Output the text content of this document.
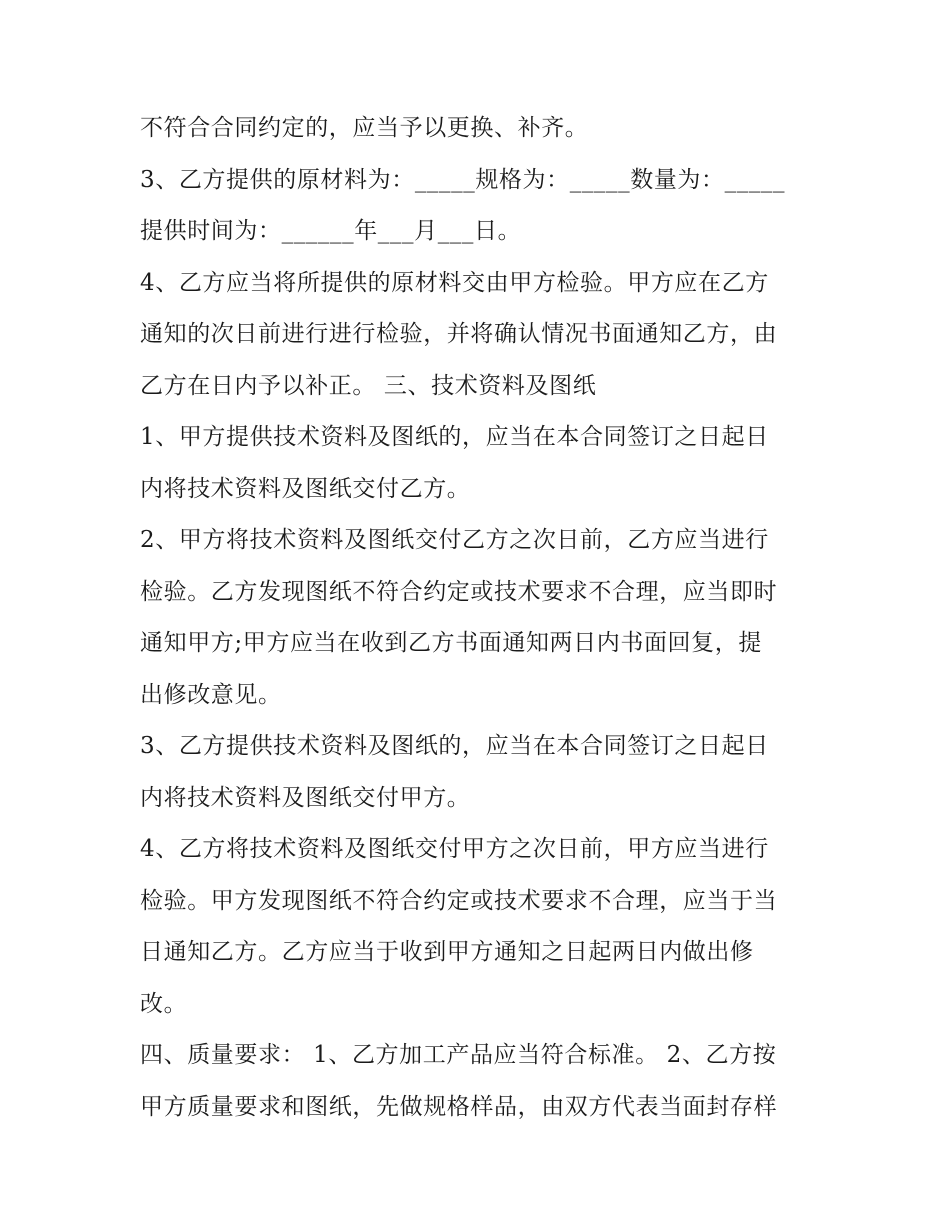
不符合合同约定的，应当予以更换、补齐。
3、乙方提供的原材料为：_____规格为：_____数量为：_____
提供时间为：______年___月___日。
4、乙方应当将所提供的原材料交由甲方检验。甲方应在乙方
通知的次日前进行进行检验，并将确认情况书面通知乙方，由
乙方在日内予以补正。 三、技术资料及图纸
1、甲方提供技术资料及图纸的，应当在本合同签订之日起日
内将技术资料及图纸交付乙方。
2、甲方将技术资料及图纸交付乙方之次日前，乙方应当进行
检验。乙方发现图纸不符合约定或技术要求不合理，应当即时
通知甲方;甲方应当在收到乙方书面通知两日内书面回复，提
出修改意见。
3、乙方提供技术资料及图纸的，应当在本合同签订之日起日
内将技术资料及图纸交付甲方。
4、乙方将技术资料及图纸交付甲方之次日前，甲方应当进行
检验。甲方发现图纸不符合约定或技术要求不合理，应当于当
日通知乙方。乙方应当于收到甲方通知之日起两日内做出修
改。
四、质量要求： 1、乙方加工产品应当符合标准。 2、乙方按
甲方质量要求和图纸，先做规格样品，由双方代表当面封存样
